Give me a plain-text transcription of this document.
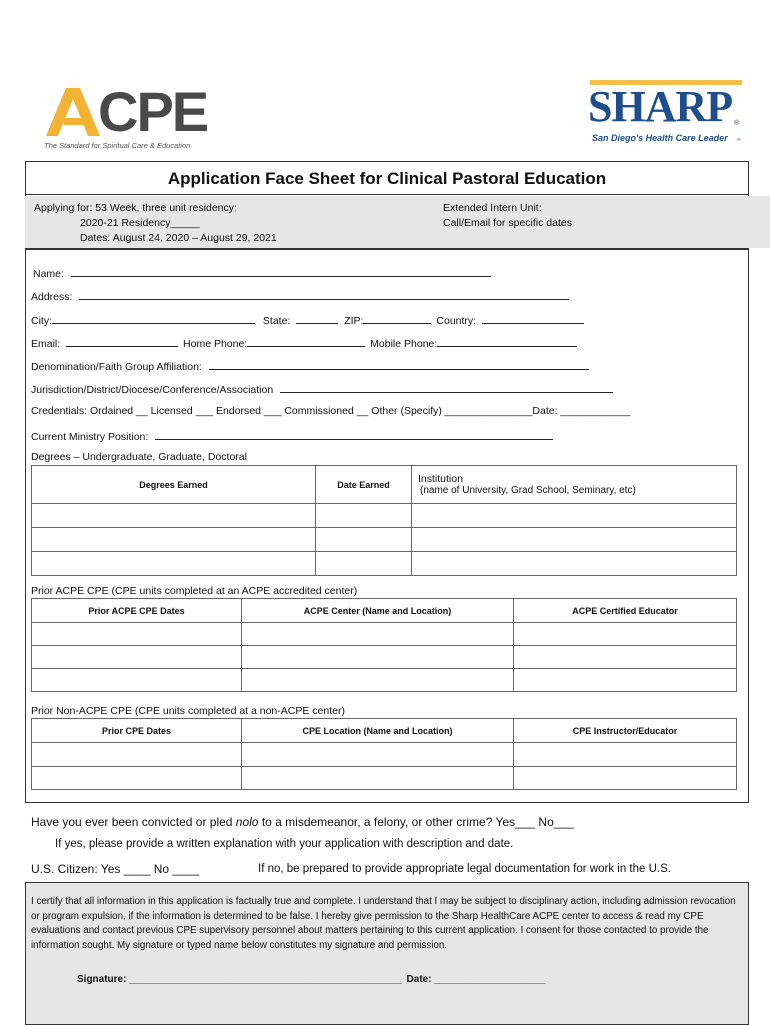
CPE
The Standard for Spiritual Care & Education
SHARP ®
San Diego's Health Care Leader ™
Application Face Sheet for Clinical Pastoral Education
Applying for: 53 Week, three unit residency:
2020-21 Residency_____
Dates: August 24, 2020 – August 29, 2021
Extended Intern Unit:
Call/Email for specific dates
Name:
Address:
City:	State:	ZIP:	Country:
Email:	Home Phone:	Mobile Phone:
Denomination/Faith Group Affiliation:
Jurisdiction/District/Diocese/Conference/Association
Credentials: Ordained __ Licensed ___ Endorsed ___ Commissioned __ Other (Specify) _______________Date: ____________
Current Ministry Position:
Degrees – Undergraduate, Graduate, Doctoral
Degrees Earned	Date Earned	Institution
(name of University, Grad School, Seminary, etc)

Prior ACPE CPE (CPE units completed at an ACPE accredited center)
Prior ACPE CPE Dates	ACPE Center (Name and Location)	ACPE Certified Educator

Prior Non-ACPE CPE (CPE units completed at a non-ACPE center)
Prior CPE Dates	CPE Location (Name and Location)	CPE Instructor/Educator

Have you ever been convicted or pled nolo to a misdemeanor, a felony, or other crime? Yes___ No___
If yes, please provide a written explanation with your application with description and date.
U.S. Citizen: Yes ____ No ____	If no, be prepared to provide appropriate legal documentation for work in the U.S.
I certify that all information in this application is factually true and complete. I understand that I may be subject to disciplinary action, including admission revocation or program expulsion, if the information is determined to be false. I hereby give permission to the Sharp HealthCare ACPE center to access & read my CPE evaluations and contact previous CPE supervisory personnel about matters pertaining to this current application. I consent for those contacted to provide the information sought. My signature or typed name below constitutes my signature and permission.
Signature: _________________________________________________ Date: ____________________
